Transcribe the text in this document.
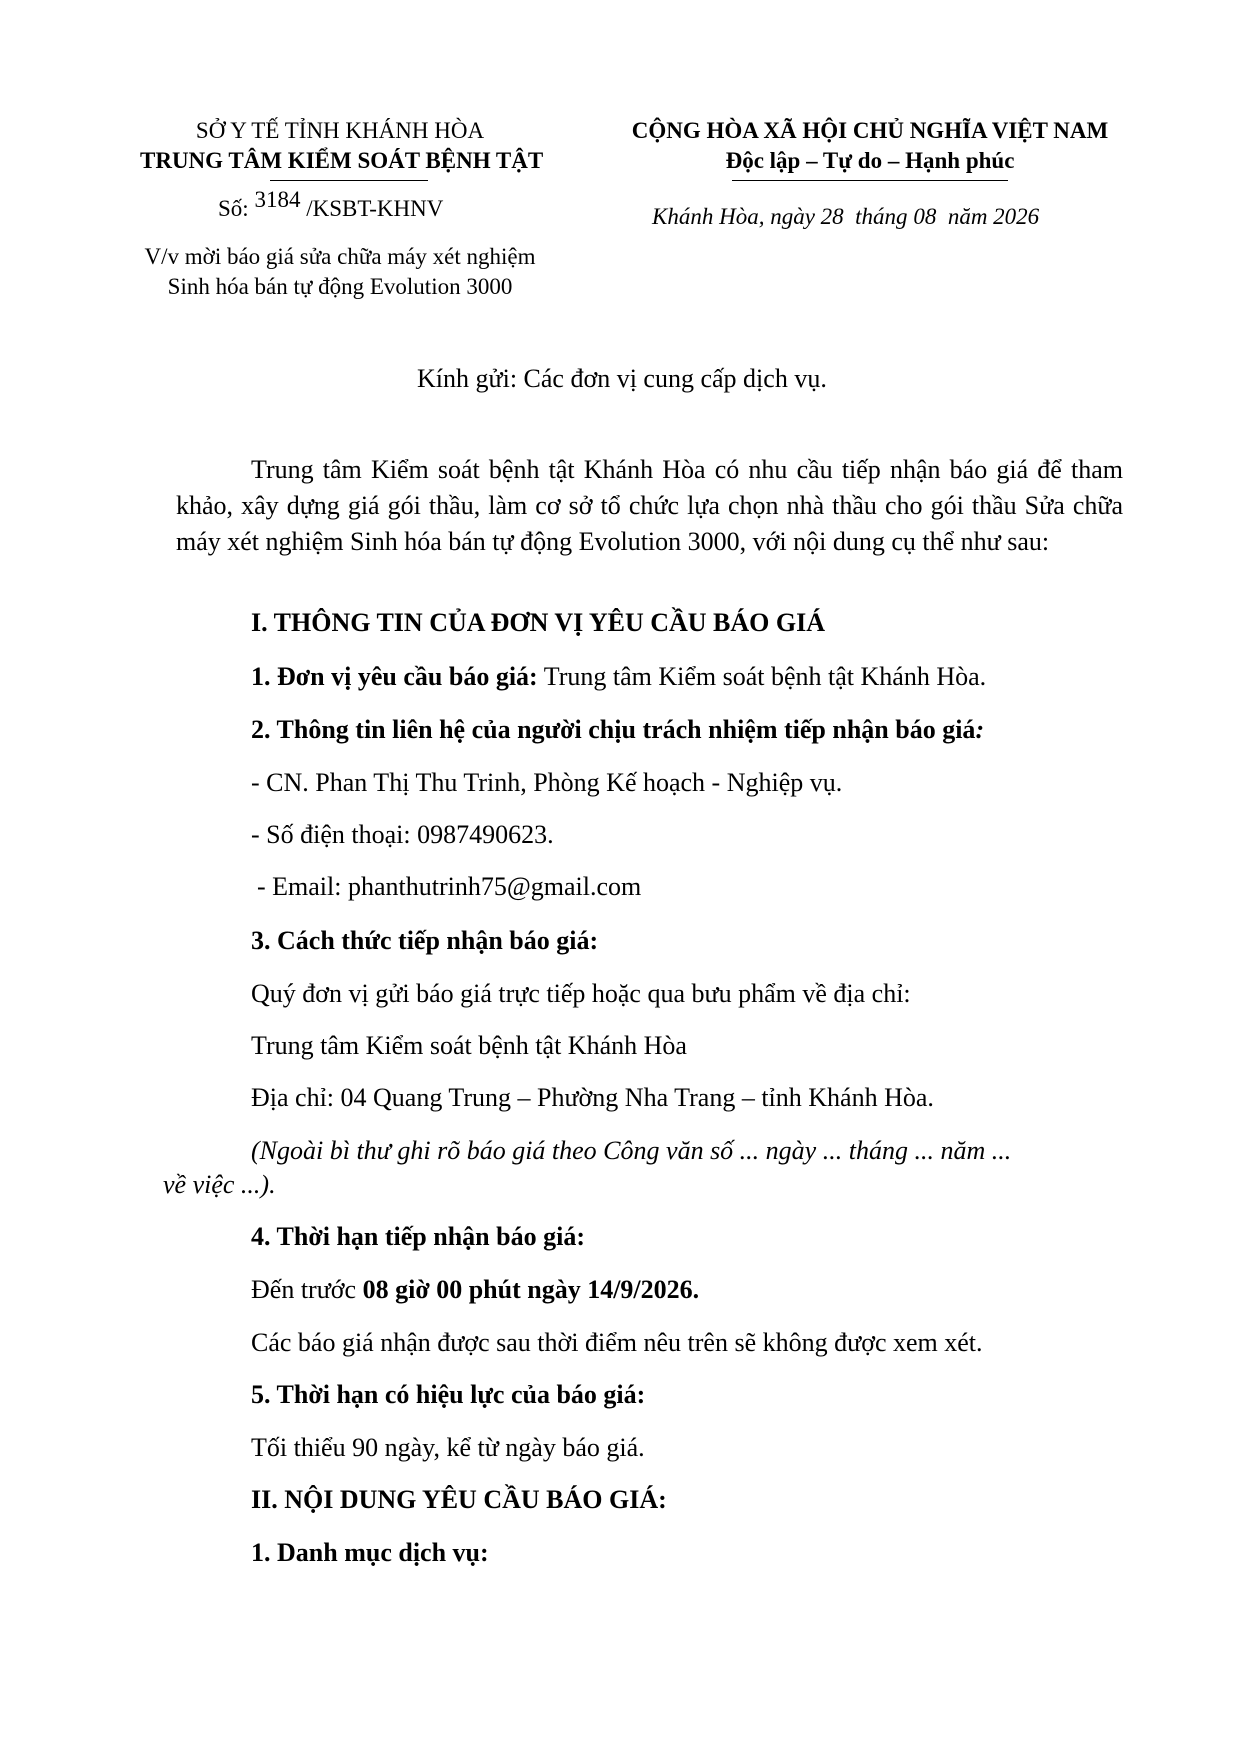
SỞ Y TẾ TỈNH KHÁNH HÒA
TRUNG TÂM KIỂM SOÁT BỆNH TẬT
Số: 3184 /KSBT-KHNV
V/v mời báo giá sửa chữa máy xét nghiệm
Sinh hóa bán tự động Evolution 3000
CỘNG HÒA XÃ HỘI CHỦ NGHĨA VIỆT NAM
Độc lập – Tự do – Hạnh phúc
Khánh Hòa, ngày 28 tháng 08 năm 2026
Kính gửi: Các đơn vị cung cấp dịch vụ.
Trung tâm Kiểm soát bệnh tật Khánh Hòa có nhu cầu tiếp nhận báo giá để tham khảo, xây dựng giá gói thầu, làm cơ sở tổ chức lựa chọn nhà thầu cho gói thầu Sửa chữa máy xét nghiệm Sinh hóa bán tự động Evolution 3000, với nội dung cụ thể như sau:
I. THÔNG TIN CỦA ĐƠN VỊ YÊU CẦU BÁO GIÁ
1. Đơn vị yêu cầu báo giá: Trung tâm Kiểm soát bệnh tật Khánh Hòa.
2. Thông tin liên hệ của người chịu trách nhiệm tiếp nhận báo giá:
- CN. Phan Thị Thu Trinh, Phòng Kế hoạch - Nghiệp vụ.
- Số điện thoại: 0987490623.
- Email: phanthutrinh75@gmail.com
3. Cách thức tiếp nhận báo giá:
Quý đơn vị gửi báo giá trực tiếp hoặc qua bưu phẩm về địa chỉ:
Trung tâm Kiểm soát bệnh tật Khánh Hòa
Địa chỉ: 04 Quang Trung – Phường Nha Trang – tỉnh Khánh Hòa.
(Ngoài bì thư ghi rõ báo giá theo Công văn số ... ngày ... tháng ... năm ...
về việc ...).
4. Thời hạn tiếp nhận báo giá:
Đến trước 08 giờ 00 phút ngày 14/9/2026.
Các báo giá nhận được sau thời điểm nêu trên sẽ không được xem xét.
5. Thời hạn có hiệu lực của báo giá:
Tối thiểu 90 ngày, kể từ ngày báo giá.
II. NỘI DUNG YÊU CẦU BÁO GIÁ:
1. Danh mục dịch vụ:
